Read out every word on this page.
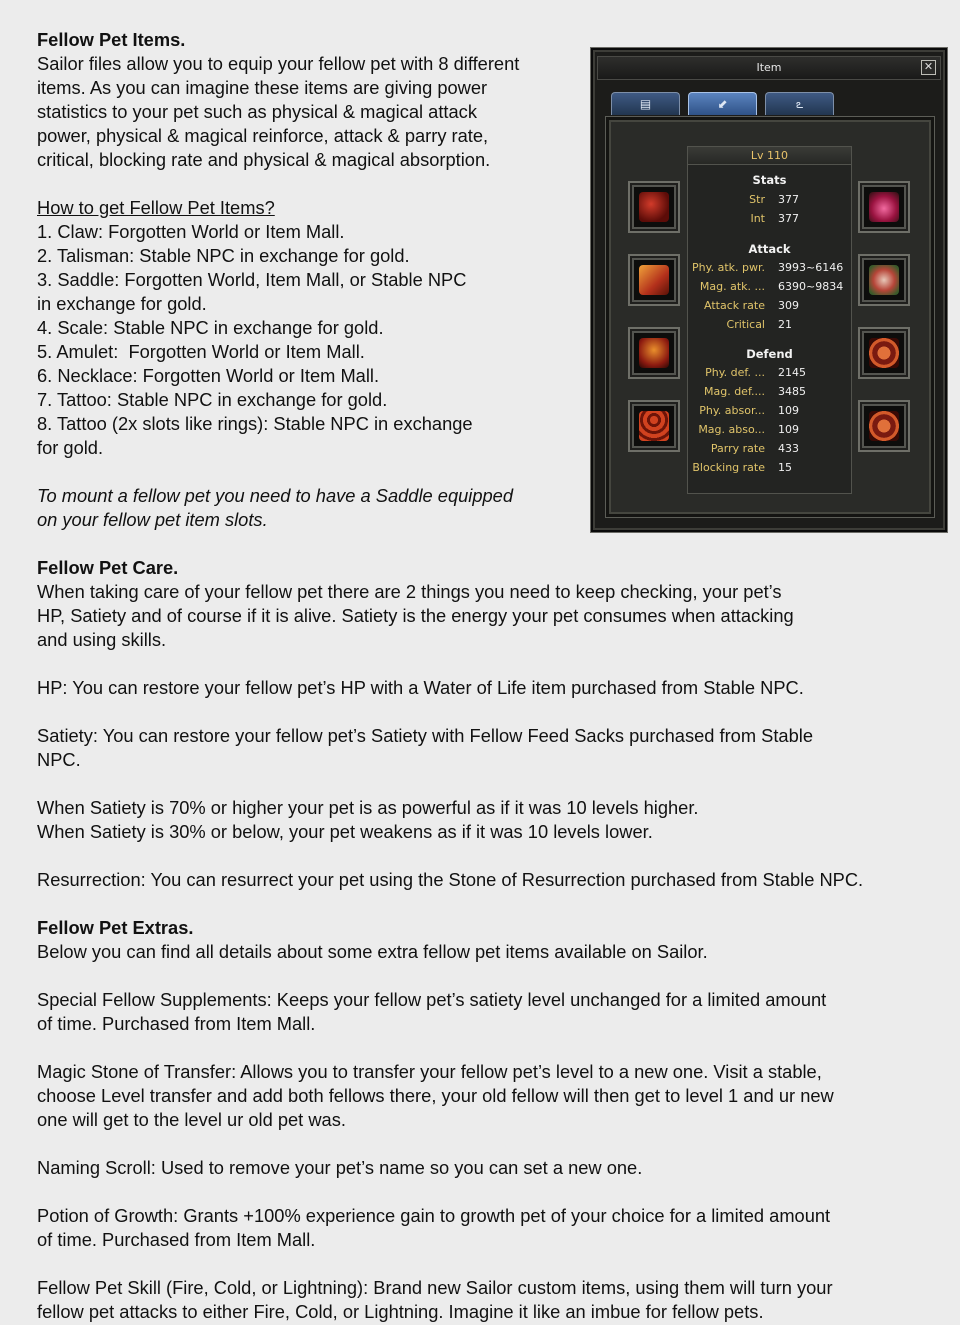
Fellow Pet Items.
Sailor files allow you to equip your fellow pet with 8 different
items. As you can imagine these items are giving power
statistics to your pet such as physical & magical attack
power, physical & magical reinforce, attack & parry rate,
critical, blocking rate and physical & magical absorption.
How to get Fellow Pet Items?
1. Claw: Forgotten World or Item Mall.
2. Talisman: Stable NPC in exchange for gold.
3. Saddle: Forgotten World, Item Mall, or Stable NPC
in exchange for gold.
4. Scale: Stable NPC in exchange for gold.
5. Amulet:  Forgotten World or Item Mall.
6. Necklace: Forgotten World or Item Mall.
7. Tattoo: Stable NPC in exchange for gold.
8. Tattoo (2x slots like rings): Stable NPC in exchange
for gold.
To mount a fellow pet you need to have a Saddle equipped
on your fellow pet item slots.
Fellow Pet Care.
When taking care of your fellow pet there are 2 things you need to keep checking, your pet’s
HP, Satiety and of course if it is alive. Satiety is the energy your pet consumes when attacking
and using skills.
HP: You can restore your fellow pet’s HP with a Water of Life item purchased from Stable NPC.
Satiety: You can restore your fellow pet’s Satiety with Fellow Feed Sacks purchased from Stable
NPC.
When Satiety is 70% or higher your pet is as powerful as if it was 10 levels higher.
When Satiety is 30% or below, your pet weakens as if it was 10 levels lower.
Resurrection: You can resurrect your pet using the Stone of Resurrection purchased from Stable NPC.
Fellow Pet Extras.
Below you can find all details about some extra fellow pet items available on Sailor.
Special Fellow Supplements: Keeps your fellow pet’s satiety level unchanged for a limited amount
of time. Purchased from Item Mall.
Magic Stone of Transfer: Allows you to transfer your fellow pet’s level to a new one. Visit a stable,
choose Level transfer and add both fellows there, your old fellow will then get to level 1 and ur new
one will get to the level ur old pet was.
Naming Scroll: Used to remove your pet’s name so you can set a new one.
Potion of Growth: Grants +100% experience gain to growth pet of your choice for a limited amount
of time. Purchased from Item Mall.
Fellow Pet Skill (Fire, Cold, or Lightning): Brand new Sailor custom items, using them will turn your
fellow pet attacks to either Fire, Cold, or Lightning. Imagine it like an imbue for fellow pets.
Item	✕
▤	⬋	ఽ
Lv 110
Stats
Str 377
Int 377
Attack
Phy. atk. pwr. 3993~6146
Mag. atk. ... 6390~9834
Attack rate 309
Critical 21
Defend
Phy. def. ... 2145
Mag. def.... 3485
Phy. absor... 109
Mag. abso... 109
Parry rate 433
Blocking rate 15
